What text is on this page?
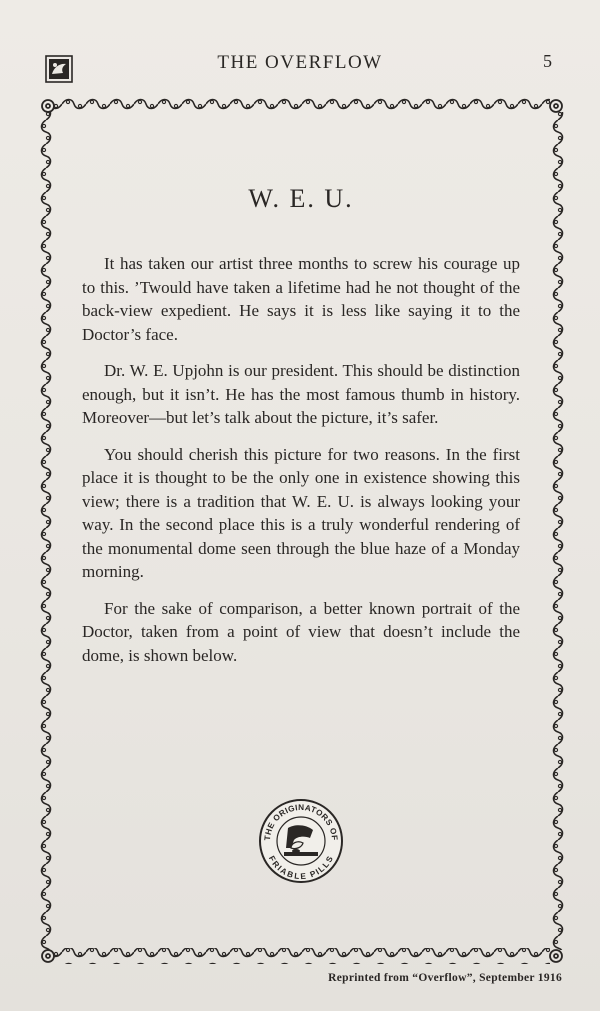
THE OVERFLOW	5
W. E. U.

It has taken our artist three months to screw his courage up to this. ’Twould have taken a lifetime had he not thought of the back-view expedient. He says it is less like saying it to the Doctor’s face.

Dr. W. E. Upjohn is our president. This should be distinction enough, but it isn’t. He has the most famous thumb in history. Moreover—but let’s talk about the picture, it’s safer.

You should cherish this picture for two reasons. In the first place it is thought to be the only one in existence showing this view; there is a tradition that W. E. U. is always looking your way. In the second place this is a truly wonderful rendering of the monumental dome seen through the blue haze of a Monday morning.

For the sake of comparison, a better known portrait of the Doctor, taken from a point of view that doesn’t include the dome, is shown below.

THE ORIGINATORS OF
FRIABLE PILLS
Reprinted from “Overflow”, September 1916
